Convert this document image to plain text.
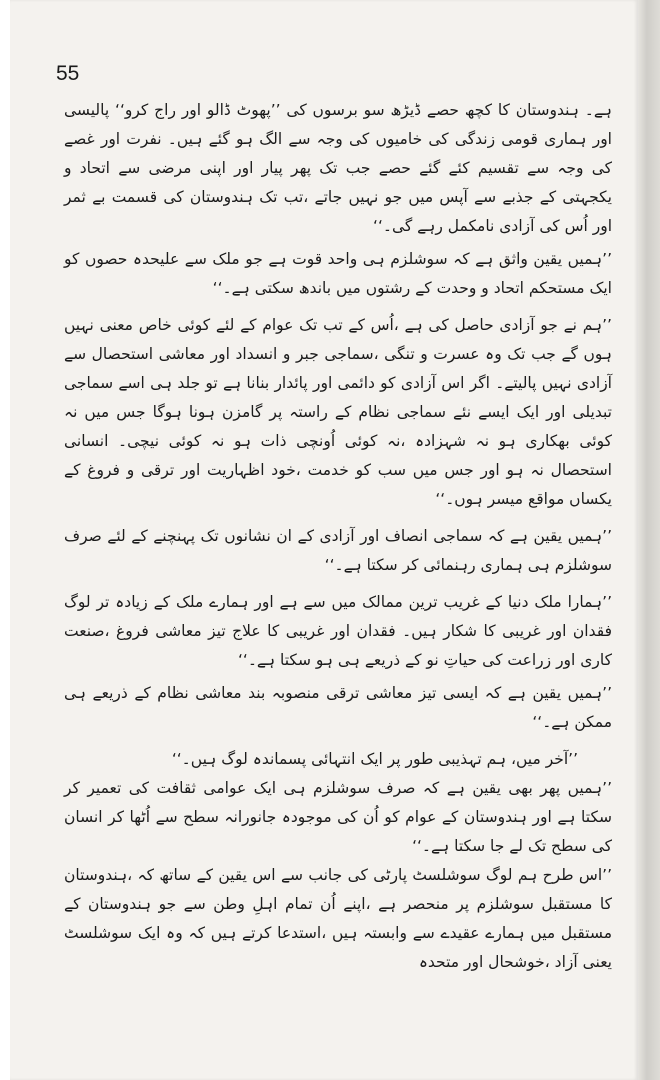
55

ہے۔ ہندوستان کا کچھ حصے ڈیڑھ سو برسوں کی ’’پھوٹ ڈالو اور راج کرو‘‘ پالیسی اور ہماری قومی زندگی کی خامیوں کی وجہ سے الگ ہو گئے ہیں۔ نفرت اور غصے کی وجہ سے تقسیم کئے گئے حصے جب تک پھر پیار اور اپنی مرضی سے اتحاد و یکجہتی کے جذبے سے آپس میں جو نہیں جاتے ،تب تک ہندوستان کی قسمت بے ثمر اور اُس کی آزادی نامکمل رہے گی۔‘‘

’’ہمیں یقین واثق ہے کہ سوشلزم ہی واحد قوت ہے جو ملک سے علیحدہ حصوں کو ایک مستحکم اتحاد و وحدت کے رشتوں میں باندھ سکتی ہے۔‘‘

’’ہم نے جو آزادی حاصل کی ہے ،اُس کے تب تک عوام کے لئے کوئی خاص معنی نہیں ہوں گے جب تک وہ عسرت و تنگی ،سماجی جبر و انسداد اور معاشی استحصال سے آزادی نہیں پالیتے۔ اگر اس آزادی کو دائمی اور پائدار بنانا ہے تو جلد ہی اسے سماجی تبدیلی اور ایک ایسے نئے سماجی نظام کے راستہ پر گامزن ہونا ہوگا جس میں نہ کوئی بھکاری ہو نہ شہزادہ ،نہ کوئی اُونچی ذات ہو نہ کوئی نیچی۔ انسانی استحصال نہ ہو اور جس میں سب کو خدمت ،خود اظہاریت اور ترقی و فروغ کے یکساں مواقع میسر ہوں۔‘‘

’’ہمیں یقین ہے کہ سماجی انصاف اور آزادی کے ان نشانوں تک پہنچنے کے لئے صرف سوشلزم ہی ہماری رہنمائی کر سکتا ہے۔‘‘

’’ہمارا ملک دنیا کے غریب ترین ممالک میں سے ہے اور ہمارے ملک کے زیادہ تر لوگ فقدان اور غریبی کا شکار ہیں۔ فقدان اور غریبی کا علاج تیز معاشی فروغ ،صنعت کاری اور زراعت کی حیاتِ نو کے ذریعے ہی ہو سکتا ہے۔‘‘

’’ہمیں یقین ہے کہ ایسی تیز معاشی ترقی منصوبہ بند معاشی نظام کے ذریعے ہی ممکن ہے۔‘‘

’’آخر میں، ہم تہذیبی طور پر ایک انتہائی پسماندہ لوگ ہیں۔‘‘

’’ہمیں پھر بھی یقین ہے کہ صرف سوشلزم ہی ایک عوامی ثقافت کی تعمیر کر سکتا ہے اور ہندوستان کے عوام کو اُن کی موجودہ جانورانہ سطح سے اُٹھا کر انسان کی سطح تک لے جا سکتا ہے۔‘‘

’’اس طرح ہم لوگ سوشلسٹ پارٹی کی جانب سے اس یقین کے ساتھ کہ ،ہندوستان کا مستقبل سوشلزم پر منحصر ہے ،اپنے اُن تمام اہلِ وطن سے جو ہندوستان کے مستقبل میں ہمارے عقیدے سے وابستہ ہیں ،استدعا کرتے ہیں کہ وہ ایک سوشلسٹ یعنی آزاد ،خوشحال اور متحدہ
